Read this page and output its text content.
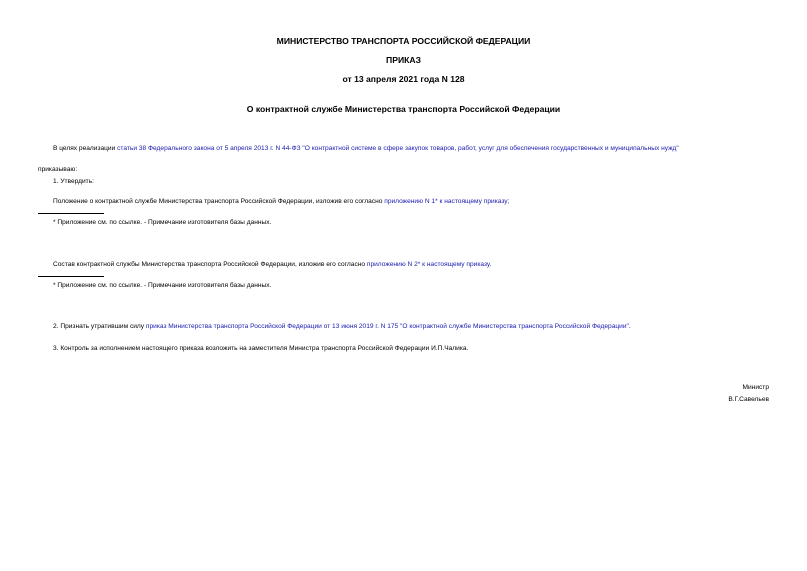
МИНИСТЕРСТВО ТРАНСПОРТА РОССИЙСКОЙ ФЕДЕРАЦИИ
ПРИКАЗ
от 13 апреля 2021 года N 128
О контрактной службе Министерства транспорта Российской Федерации
В целях реализации статьи 38 Федерального закона от 5 апреля 2013 г. N 44-ФЗ "О контрактной системе в сфере закупок товаров, работ, услуг для обеспечения государственных и муниципальных нужд"
приказываю:
1. Утвердить:
Положение о контрактной службе Министерства транспорта Российской Федерации, изложив его согласно приложению N 1* к настоящему приказу;
* Приложение см. по ссылке. - Примечание изготовителя базы данных.
Состав контрактной службы Министерства транспорта Российской Федерации, изложив его согласно приложению N 2* к настоящему приказу.
* Приложение см. по ссылке. - Примечание изготовителя базы данных.
2. Признать утратившим силу приказ Министерства транспорта Российской Федерации от 13 июня 2019 г. N 175 "О контрактной службе Министерства транспорта Российской Федерации".
3. Контроль за исполнением настоящего приказа возложить на заместителя Министра транспорта Российской Федерации И.П.Чалика.
Министр
В.Г.Савельев
